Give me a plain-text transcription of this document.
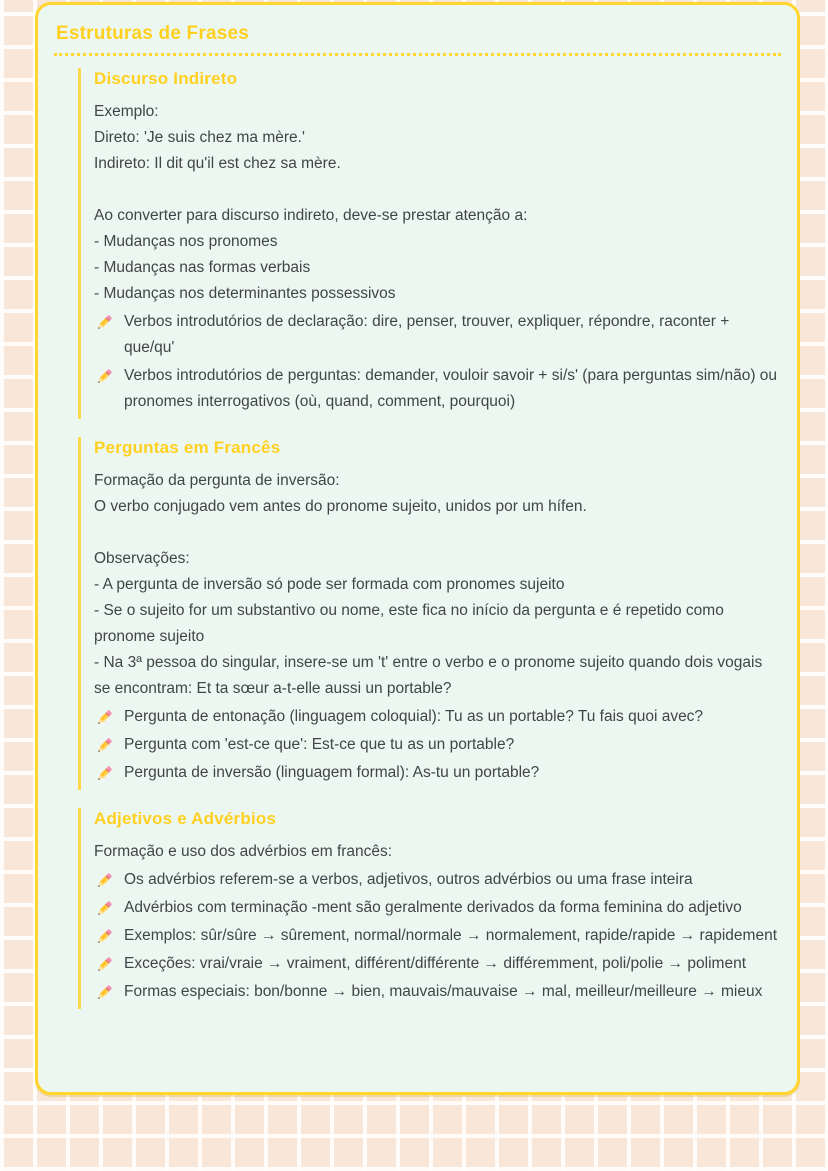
Estruturas de Frases
Discurso Indireto

Exemplo:

Direto: 'Je suis chez ma mère.'

Indireto: Il dit qu'il est chez sa mère.

Ao converter para discurso indireto, deve-se prestar atenção a:

- Mudanças nos pronomes

- Mudanças nas formas verbais

- Mudanças nos determinantes possessivos

Verbos introdutórios de declaração: dire, penser, trouver, expliquer, répondre, raconter + que/qu'
Verbos introdutórios de perguntas: demander, vouloir savoir + si/s' (para perguntas sim/não) ou pronomes interrogativos (où, quand, comment, pourquoi)
Perguntas em Francês

Formação da pergunta de inversão:

O verbo conjugado vem antes do pronome sujeito, unidos por um hífen.

Observações:

- A pergunta de inversão só pode ser formada com pronomes sujeito

- Se o sujeito for um substantivo ou nome, este fica no início da pergunta e é repetido como pronome sujeito

- Na 3ª pessoa do singular, insere-se um 't' entre o verbo e o pronome sujeito quando dois vogais se encontram: Et ta sœur a-t-elle aussi un portable?

Pergunta de entonação (linguagem coloquial): Tu as un portable? Tu fais quoi avec?
Pergunta com 'est-ce que': Est-ce que tu as un portable?
Pergunta de inversão (linguagem formal): As-tu un portable?
Adjetivos e Advérbios

Formação e uso dos advérbios em francês:

Os advérbios referem-se a verbos, adjetivos, outros advérbios ou uma frase inteira
Advérbios com terminação -ment são geralmente derivados da forma feminina do adjetivo
Exemplos: sûr/sûre → sûrement, normal/normale → normalement, rapide/rapide → rapidement
Exceções: vrai/vraie → vraiment, différent/différente → différemment, poli/polie → poliment
Formas especiais: bon/bonne → bien, mauvais/mauvaise → mal, meilleur/meilleure → mieux
